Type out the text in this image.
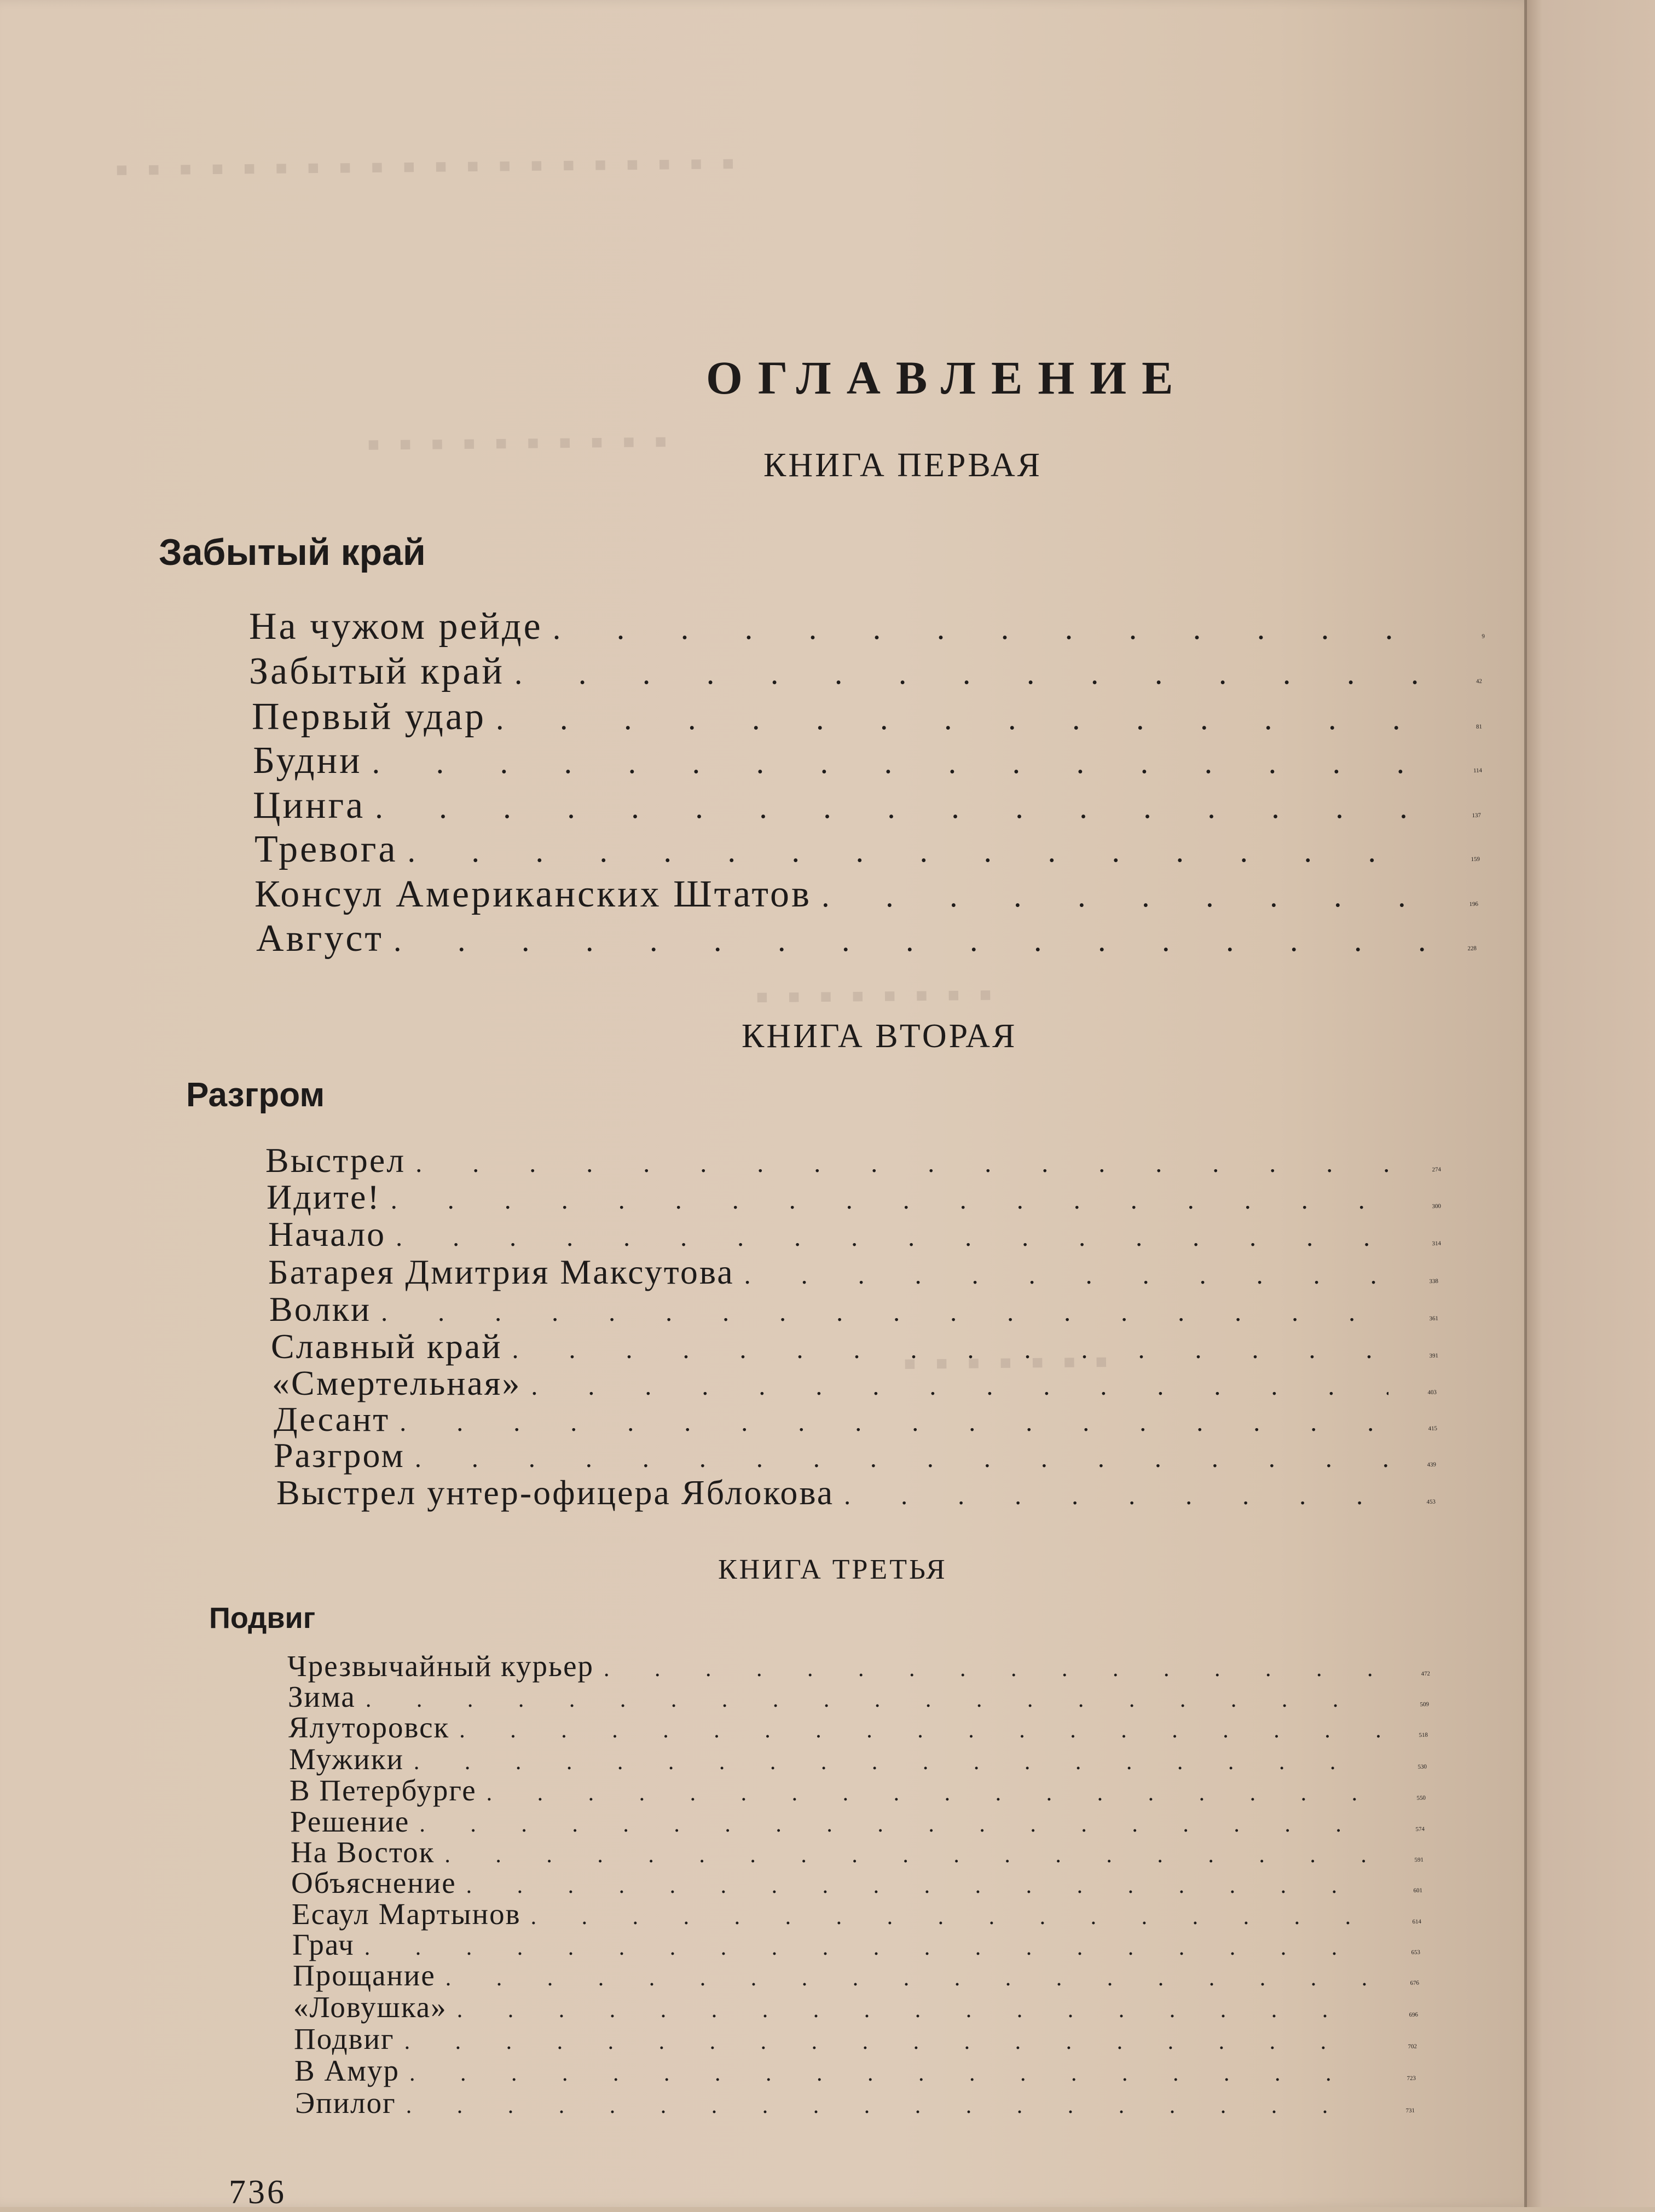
▪ ▪ ▪ ▪ ▪ ▪ ▪ ▪ ▪ ▪ ▪ ▪ ▪ ▪ ▪ ▪ ▪ ▪ ▪ ▪
▪ ▪ ▪ ▪ ▪ ▪ ▪ ▪ ▪ ▪
▪ ▪ ▪ ▪ ▪ ▪ ▪ ▪
▪ ▪ ▪ ▪ ▪ ▪ ▪
ОГЛАВЛЕНИЕ
КНИГА ПЕРВАЯ
Забытый край
КНИГА ВТОРАЯ
Разгром
КНИГА ТРЕТЬЯ
Подвиг
На чужом рейде . . .	9
Забытый край . . .	42
Первый удар . . .	81
Будни . . .	114
Цинга . . .	137
Тревога . . .	159
Консул Американских Штатов . . .	196
Август . . .	228
Выстрел . . .	274
Идите! . . .	300
Начало . . .	314
Батарея Дмитрия Максутова . . .	338
Волки . . .	361
Славный край . . .	391
«Смертельная» . . .	403
Десант . . .	415
Разгром . . .	439
Выстрел унтер-офицера Яблокова . . .	453
Чрезвычайный курьер . . .	472
Зима . . .	509
Ялуторовск . . .	518
Мужики . . .	530
В Петербурге . . .	550
Решение . . .	574
На Восток . . .	591
Объяснение . . .	601
Есаул Мартынов . . .	614
Грач . . .	653
Прощание . . .	676
«Ловушка» . . .	696
Подвиг . . .	702
В Амур . . .	723
Эпилог . . .	731
736
